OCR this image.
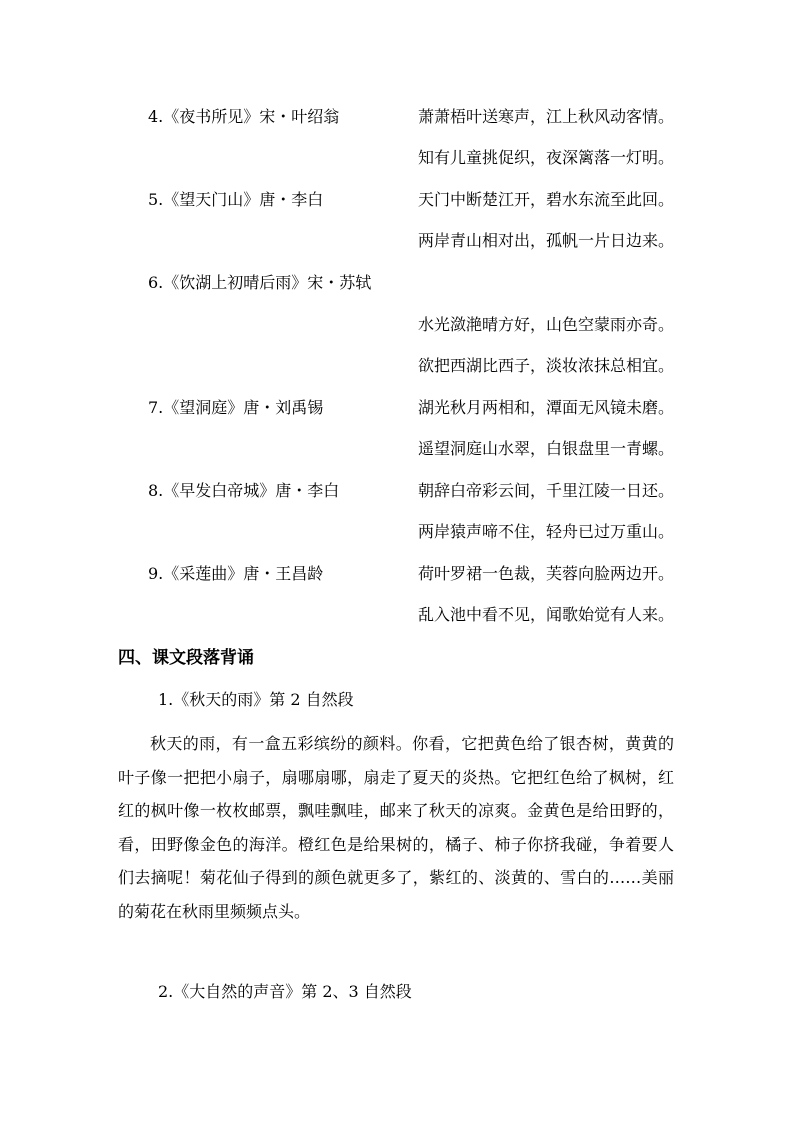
4.《夜书所见》宋・叶绍翁	萧萧梧叶送寒声，江上秋风动客情。
知有儿童挑促织，夜深篱落一灯明。
5.《望天门山》唐・李白	天门中断楚江开，碧水东流至此回。
两岸青山相对出，孤帆一片日边来。
6.《饮湖上初晴后雨》宋・苏轼
水光潋滟晴方好，山色空蒙雨亦奇。
欲把西湖比西子，淡妆浓抹总相宜。
7.《望洞庭》唐・刘禹锡	湖光秋月两相和，潭面无风镜未磨。
遥望洞庭山水翠，白银盘里一青螺。
8.《早发白帝城》唐・李白	朝辞白帝彩云间，千里江陵一日还。
两岸猿声啼不住，轻舟已过万重山。
9.《采莲曲》唐・王昌龄	荷叶罗裙一色裁，芙蓉向脸两边开。
乱入池中看不见，闻歌始觉有人来。
四、课文段落背诵
1.《秋天的雨》第 2 自然段
秋天的雨，有一盒五彩缤纷的颜料。你看，它把黄色给了银杏树，黄黄的叶子像一把把小扇子，扇哪扇哪，扇走了夏天的炎热。它把红色给了枫树，红红的枫叶像一枚枚邮票，飘哇飘哇，邮来了秋天的凉爽。金黄色是给田野的，看，田野像金色的海洋。橙红色是给果树的，橘子、柿子你挤我碰，争着要人们去摘呢！菊花仙子得到的颜色就更多了，紫红的、淡黄的、雪白的……美丽的菊花在秋雨里频频点头。
2.《大自然的声音》第 2、3 自然段
